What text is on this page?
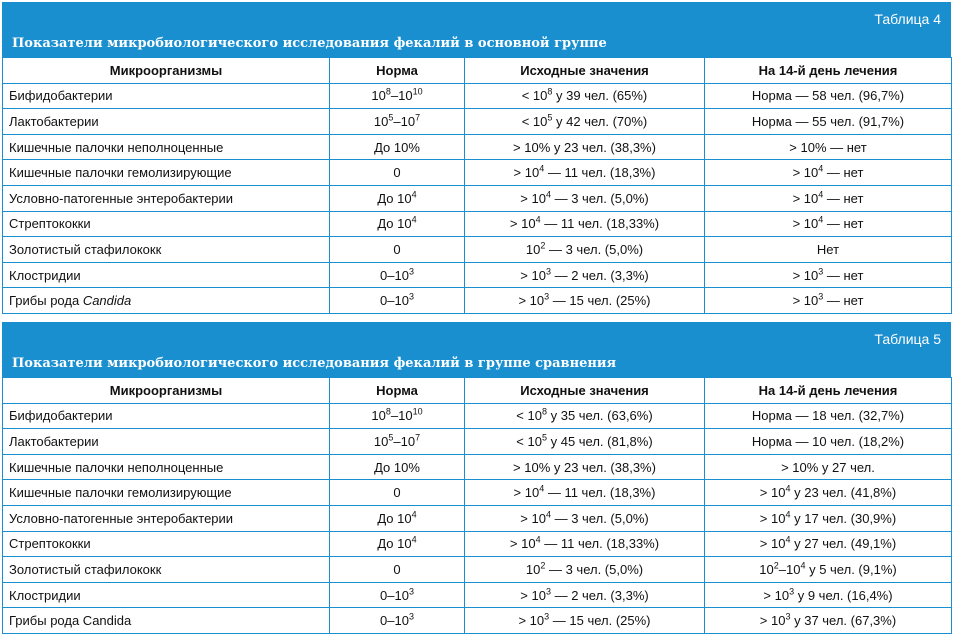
Таблица 4
Показатели микробиологического исследования фекалий в основной группе
Микроорганизмы	Норма	Исходные значения	На 14-й день лечения
Бифидобактерии	$10^8-10^{10}$	< $10^8$ у 39 чел. (65%)	Норма — 58 чел. (96,7%)
Лактобактерии	$10^5-10^7$	< $10^5$ у 42 чел. (70%)	Норма — 55 чел. (91,7%)
Кишечные палочки неполноценные	До 10%	> 10% у 23 чел. (38,3%)	> 10% — нет
Кишечные палочки гемолизирующие	0	> $10^4$ — 11 чел. (18,3%)	> $10^4$ — нет
Условно-патогенные энтеробактерии	До $10^4$	> $10^4$ — 3 чел. (5,0%)	> $10^4$ — нет
Стрептококки	До $10^4$	> $10^4$ — 11 чел. (18,33%)	> $10^4$ — нет
Золотистый стафилококк	0	$10^2$ — 3 чел. (5,0%)	Нет
Клостридии	$0-10^3$	> $10^3$ — 2 чел. (3,3%)	> $10^3$ — нет
Грибы рода Candida	$0-10^3$	> $10^3$ — 15 чел. (25%)	> $10^3$ — нет
Таблица 5
Показатели микробиологического исследования фекалий в группе сравнения
Микроорганизмы	Норма	Исходные значения	На 14-й день лечения
Бифидобактерии	$10^8-10^{10}$	< $10^8$ у 35 чел. (63,6%)	Норма — 18 чел. (32,7%)
Лактобактерии	$10^5-10^7$	< $10^5$ у 45 чел. (81,8%)	Норма — 10 чел. (18,2%)
Кишечные палочки неполноценные	До 10%	> 10% у 23 чел. (38,3%)	> 10% у 27 чел.
Кишечные палочки гемолизирующие	0	> $10^4$ — 11 чел. (18,3%)	> $10^4$ у 23 чел. (41,8%)
Условно-патогенные энтеробактерии	До $10^4$	> $10^4$ — 3 чел. (5,0%)	> $10^4$ у 17 чел. (30,9%)
Стрептококки	До $10^4$	> $10^4$ — 11 чел. (18,33%)	> $10^4$ у 27 чел. (49,1%)
Золотистый стафилококк	0	$10^2$ — 3 чел. (5,0%)	$10^2-10^4$ у 5 чел. (9,1%)
Клостридии	$0-10^3$	> $10^3$ — 2 чел. (3,3%)	> $10^3$ у 9 чел. (16,4%)
Грибы рода Candida	$0-10^3$	> $10^3$ — 15 чел. (25%)	> $10^3$ у 37 чел. (67,3%)
